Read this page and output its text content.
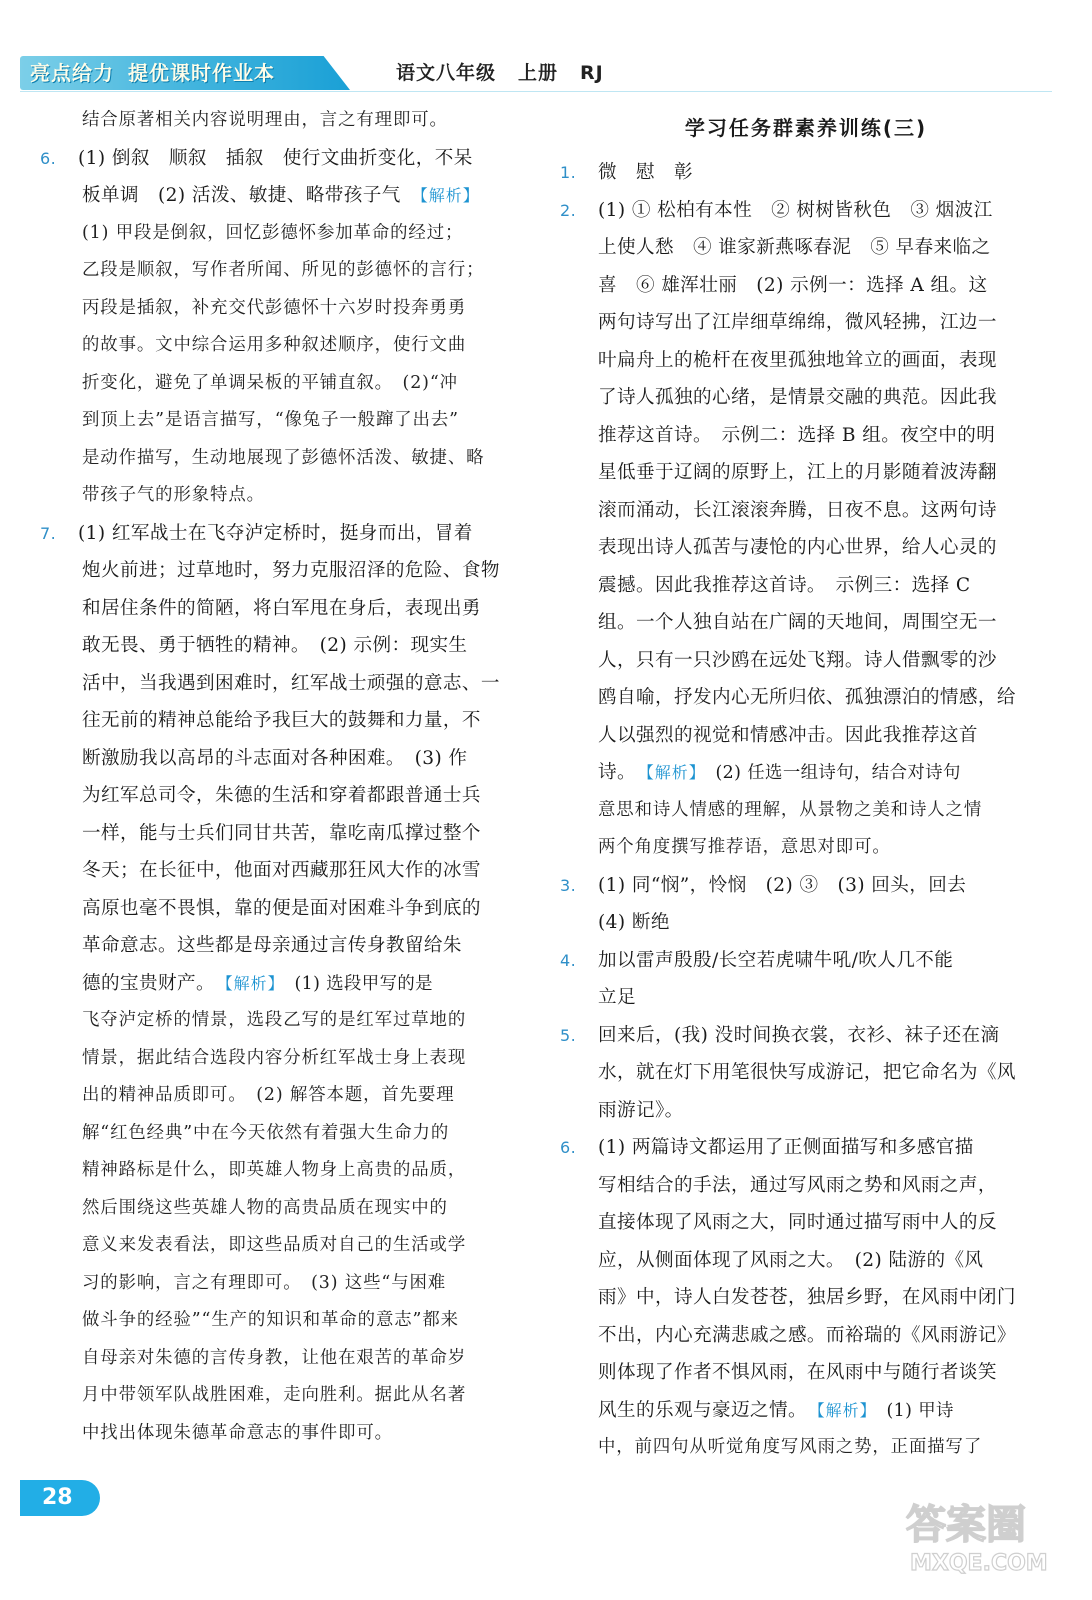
亮点给力 提优课时作业本	语文八年级 上册 RJ
结合原著相关内容说明理由，言之有理即可。
6. (1) 倒叙　顺叙　插叙　使行文曲折变化，不呆
板单调　(2) 活泼、敏捷、略带孩子气　【解析】
(1) 甲段是倒叙，回忆彭德怀参加革命的经过；
乙段是顺叙，写作者所闻、所见的彭德怀的言行；
丙段是插叙，补充交代彭德怀十六岁时投奔勇勇
的故事。文中综合运用多种叙述顺序，使行文曲
折变化，避免了单调呆板的平铺直叙。　(2)“冲
到顶上去”是语言描写，“像兔子一般蹿了出去”
是动作描写，生动地展现了彭德怀活泼、敏捷、略
带孩子气的形象特点。
7. (1) 红军战士在飞夺泸定桥时，挺身而出，冒着
炮火前进；过草地时，努力克服沼泽的危险、食物
和居住条件的简陋，将白军甩在身后，表现出勇
敢无畏、勇于牺牲的精神。　(2) 示例：现实生
活中，当我遇到困难时，红军战士顽强的意志、一
往无前的精神总能给予我巨大的鼓舞和力量，不
断激励我以高昂的斗志面对各种困难。　(3) 作
为红军总司令，朱德的生活和穿着都跟普通士兵
一样，能与士兵们同甘共苦，靠吃南瓜撑过整个
冬天；在长征中，他面对西藏那狂风大作的冰雪
高原也毫不畏惧，靠的便是面对困难斗争到底的
革命意志。这些都是母亲通过言传身教留给朱
德的宝贵财产。　【解析】　(1) 选段甲写的是
飞夺泸定桥的情景，选段乙写的是红军过草地的
情景，据此结合选段内容分析红军战士身上表现
出的精神品质即可。　(2) 解答本题，首先要理
解“红色经典”中在今天依然有着强大生命力的
精神路标是什么，即英雄人物身上高贵的品质，
然后围绕这些英雄人物的高贵品质在现实中的
意义来发表看法，即这些品质对自己的生活或学
习的影响，言之有理即可。　(3) 这些“与困难
做斗争的经验”“生产的知识和革命的意志”都来
自母亲对朱德的言传身教，让他在艰苦的革命岁
月中带领军队战胜困难，走向胜利。据此从名著
中找出体现朱德革命意志的事件即可。
学习任务群素养训练(三)
1. 微　慰　彰
2. (1) ① 松柏有本性　② 树树皆秋色　③ 烟波江
上使人愁　④ 谁家新燕啄春泥　⑤ 早春来临之
喜　⑥ 雄浑壮丽　(2) 示例一：选择 A 组。这
两句诗写出了江岸细草绵绵，微风轻拂，江边一
叶扁舟上的桅杆在夜里孤独地耸立的画面，表现
了诗人孤独的心绪，是情景交融的典范。因此我
推荐这首诗。　示例二：选择 B 组。夜空中的明
星低垂于辽阔的原野上，江上的月影随着波涛翻
滚而涌动，长江滚滚奔腾，日夜不息。这两句诗
表现出诗人孤苦与凄怆的内心世界，给人心灵的
震撼。因此我推荐这首诗。　示例三：选择 C
组。一个人独自站在广阔的天地间，周围空无一
人，只有一只沙鸥在远处飞翔。诗人借飘零的沙
鸥自喻，抒发内心无所归依、孤独漂泊的情感，给
人以强烈的视觉和情感冲击。因此我推荐这首
诗。　【解析】　(2) 任选一组诗句，结合对诗句
意思和诗人情感的理解，从景物之美和诗人之情
两个角度撰写推荐语，意思对即可。
3. (1) 同“悯”，怜悯　(2) ③　(3) 回头，回去
(4) 断绝
4. 加以雷声殷殷/长空若虎啸牛吼/吹人几不能
立足
5. 回来后，(我) 没时间换衣裳，衣衫、袜子还在滴
水，就在灯下用笔很快写成游记，把它命名为《风
雨游记》。
6. (1) 两篇诗文都运用了正侧面描写和多感官描
写相结合的手法，通过写风雨之势和风雨之声，
直接体现了风雨之大，同时通过描写雨中人的反
应，从侧面体现了风雨之大。　(2) 陆游的《风
雨》中，诗人白发苍苍，独居乡野，在风雨中闭门
不出，内心充满悲戚之感。而裕瑞的《风雨游记》
则体现了作者不惧风雨，在风雨中与随行者谈笑
风生的乐观与豪迈之情。　【解析】　(1) 甲诗
中，前四句从听觉角度写风雨之势，正面描写了
28
答案圈
MXQE.COM
